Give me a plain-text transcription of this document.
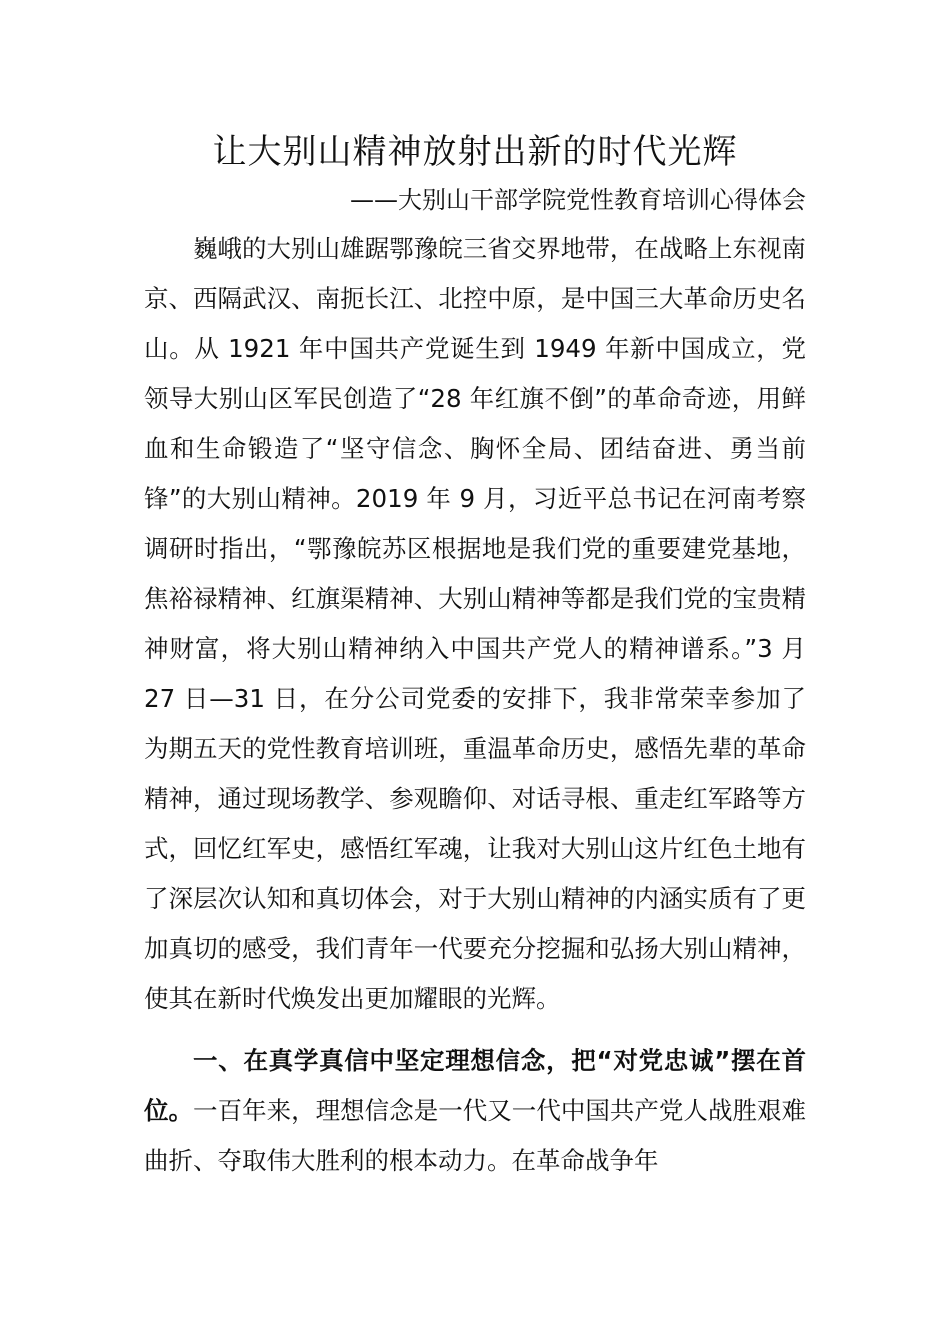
让大别山精神放射出新的时代光辉

——大别山干部学院党性教育培训心得体会

巍峨的大别山雄踞鄂豫皖三省交界地带，在战略上东视南京、西隔武汉、南扼长江、北控中原，是中国三大革命历史名山。从 1921 年中国共产党诞生到 1949 年新中国成立，党领导大别山区军民创造了“28 年红旗不倒”的革命奇迹，用鲜血和生命锻造了“坚守信念、胸怀全局、团结奋进、勇当前锋”的大别山精神。2019 年 9 月，习近平总书记在河南考察调研时指出，“鄂豫皖苏区根据地是我们党的重要建党基地，焦裕禄精神、红旗渠精神、大别山精神等都是我们党的宝贵精神财富，将大别山精神纳入中国共产党人的精神谱系。”3 月 27 日—31 日，在分公司党委的安排下，我非常荣幸参加了为期五天的党性教育培训班，重温革命历史，感悟先辈的革命精神，通过现场教学、参观瞻仰、对话寻根、重走红军路等方式，回忆红军史，感悟红军魂，让我对大别山这片红色土地有了深层次认知和真切体会，对于大别山精神的内涵实质有了更加真切的感受，我们青年一代要充分挖掘和弘扬大别山精神，使其在新时代焕发出更加耀眼的光辉。

一、在真学真信中坚定理想信念，把“对党忠诚”摆在首位。一百年来，理想信念是一代又一代中国共产党人战胜艰难曲折、夺取伟大胜利的根本动力。在革命战争年
